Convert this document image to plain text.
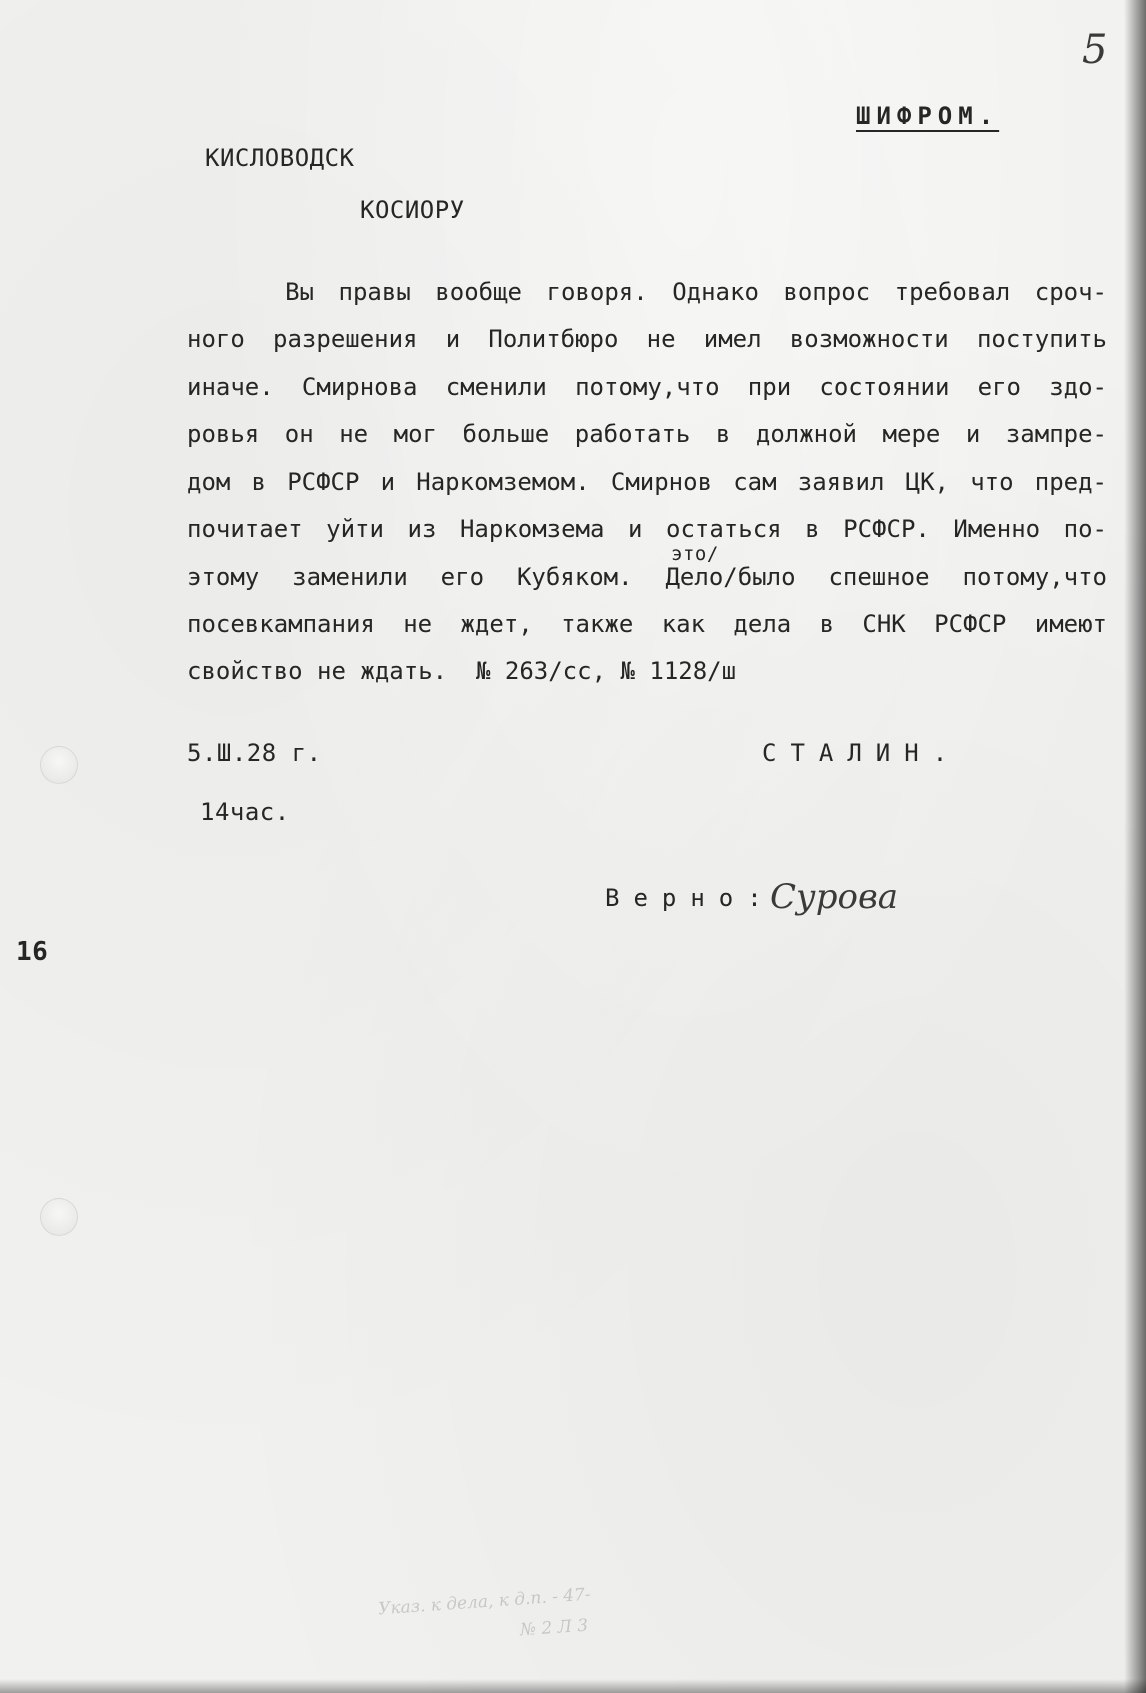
5
ШИФРОМ.
КИСЛОВОДСК
КОСИОРУ
Вы правы вообще говоря. Однако вопрос требовал сроч-
ного разрешения и Политбюро не имел возможности поступить
иначе. Смирнова сменили потому,что при состоянии его здо-
ровья он не мог больше работать в должной мере и зампре-
дом в РСФСР и Наркомземом. Смирнов сам заявил ЦК, что пред-
почитает уйти из Наркомзема и остаться в РСФСР. Именно по-
этому заменили его Кубяком. Дело/было спешное потому,что
посевкампания не ждет, также как дела в СНК РСФСР имеют
свойство не ждать.  № 263/сс, № 1128/ш
это/
5.Ш.28 г.	СТАЛИН.
14час.
Верно:
Сурова
16
Указ. к дела, к д.п. - 47-
№ 2 Л 3
